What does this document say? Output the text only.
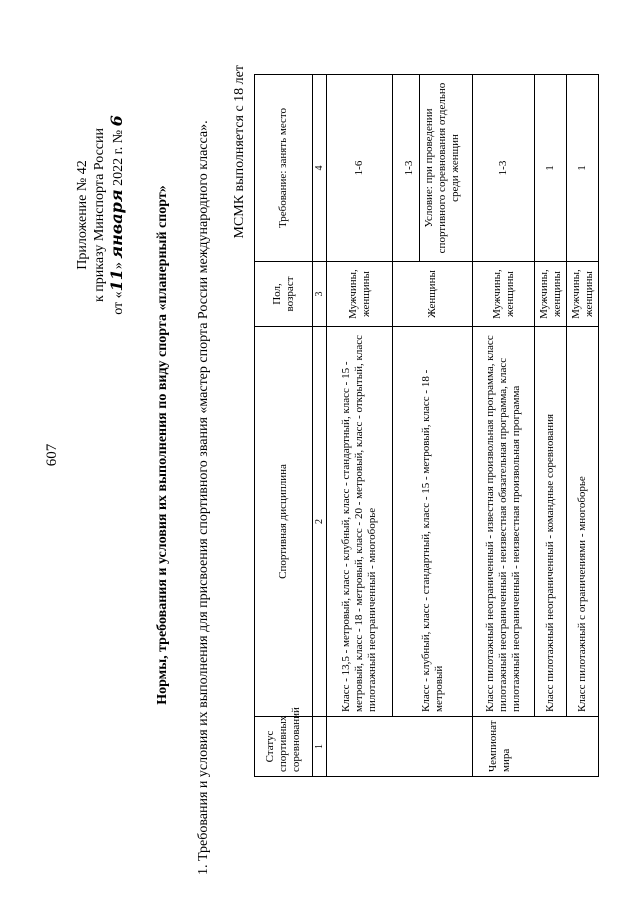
607
Приложение № 42 к приказу Минспорта России
от «11» января 2022 г. № 6
Нормы, требования и условия их выполнения по виду спорта «планерный спорт» 1. Требования и условия их выполнения для присвоения спортивного звания «мастер спорта России международного класса». МСМК выполняется с 18 лет
Статус спортивных соревнований	Спортивная дисциплина	Пол, возраст	Требование: занять место
1	2	3	4
	Класс - 13,5 - метровый, класс - клубный, класс - стандартный, класс - 15 - метровый, класс - 18 - метровый, класс - 20 - метровый, класс - открытый, класс пилотажный неограниченный - многоборье	Мужчины, женщины	1-6
	Класс - клубный, класс - стандартный, класс - 15 - метровый, класс - 18 - метровый	Женщины	1-3 Условие: при проведении спортивного соревнования отдельно среди женщин

Чемпионат мира	Класс пилотажный неограниченный - известная произвольная программа, класс пилотажный неограниченный - неизвестная обязательная программа, класс пилотажный неограниченный - неизвестная произвольная программа	Мужчины, женщины	1-3
	Класс пилотажный неограниченный - командные соревнования	Мужчины, женщины	1
	Класс пилотажный с ограничениями - многоборье	Мужчины, женщины	1
